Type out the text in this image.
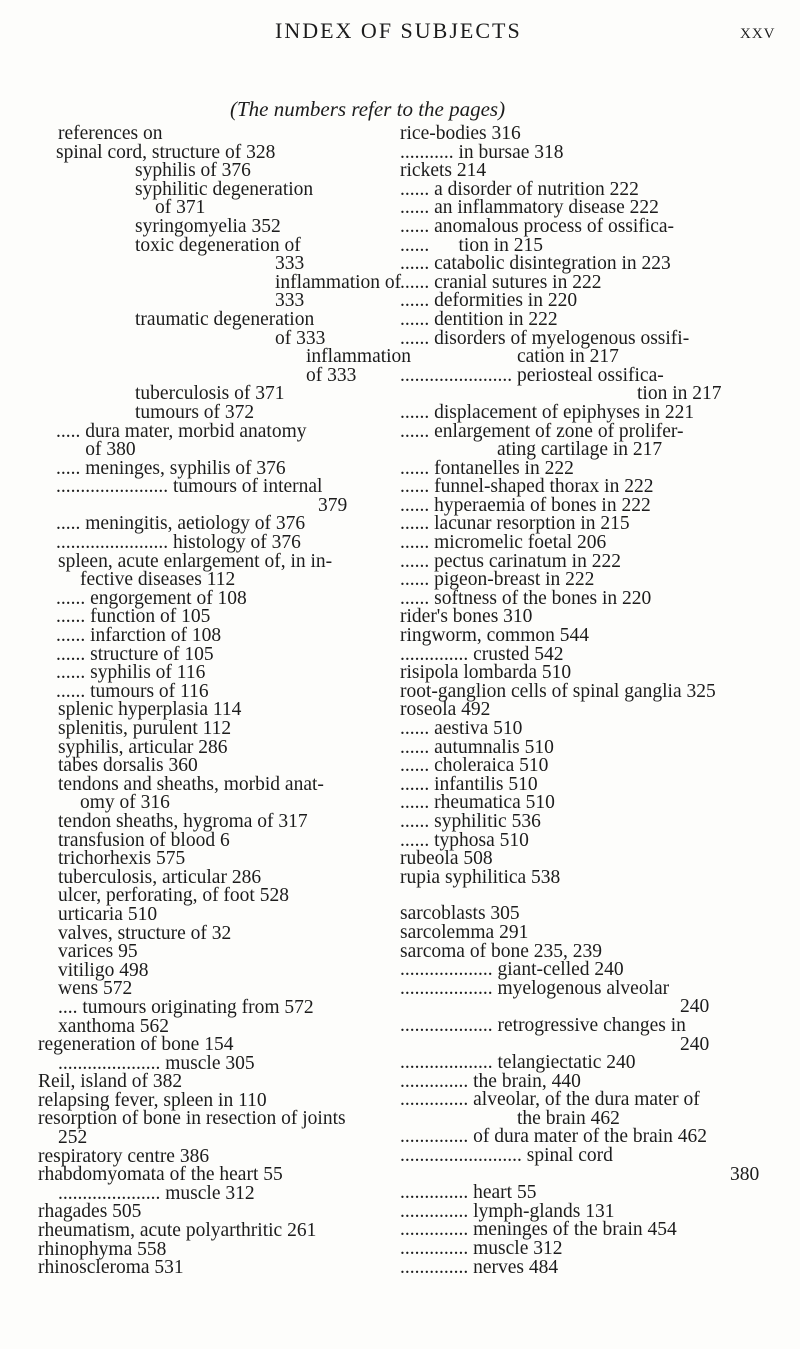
INDEX OF SUBJECTS	xxv
(The numbers refer to the pages)
references on
spinal cord, structure of 328
syphilis of 376
syphilitic degeneration
of 371
syringomyelia 352
toxic degeneration of
333
inflammation of
333
traumatic degeneration
of 333
inflammation
of 333
tuberculosis of 371
tumours of 372
..... dura mater, morbid anatomy
of 380
..... meninges, syphilis of 376
....................... tumours of internal
379
..... meningitis, aetiology of 376
....................... histology of 376
spleen, acute enlargement of, in in-
fective diseases 112
...... engorgement of 108
...... function of 105
...... infarction of 108
...... structure of 105
...... syphilis of 116
...... tumours of 116
splenic hyperplasia 114
splenitis, purulent 112
syphilis, articular 286
tabes dorsalis 360
tendons and sheaths, morbid anat-
omy of 316
tendon sheaths, hygroma of 317
transfusion of blood 6
trichorhexis 575
tuberculosis, articular 286
ulcer, perforating, of foot 528
urticaria 510
valves, structure of 32
varices 95
vitiligo 498
wens 572
.... tumours originating from 572
xanthoma 562
regeneration of bone 154
..................... muscle 305
Reil, island of 382
relapsing fever, spleen in 110
resorption of bone in resection of joints
252
respiratory centre 386
rhabdomyomata of the heart 55
..................... muscle 312
rhagades 505
rheumatism, acute polyarthritic 261
rhinophyma 558
rhinoscleroma 531
rice-bodies 316
........... in bursae 318
rickets 214
...... a disorder of nutrition 222
...... an inflammatory disease 222
...... anomalous process of ossifica-
......      tion in 215
...... catabolic disintegration in 223
...... cranial sutures in 222
...... deformities in 220
...... dentition in 222
...... disorders of myelogenous ossifi-
cation in 217
....................... periosteal ossifica-
tion in 217
...... displacement of epiphyses in 221
...... enlargement of zone of prolifer-
ating cartilage in 217
...... fontanelles in 222
...... funnel-shaped thorax in 222
...... hyperaemia of bones in 222
...... lacunar resorption in 215
...... micromelic foetal 206
...... pectus carinatum in 222
...... pigeon-breast in 222
...... softness of the bones in 220
rider's bones 310
ringworm, common 544
.............. crusted 542
risipola lombarda 510
root-ganglion cells of spinal ganglia 325
roseola 492
...... aestiva 510
...... autumnalis 510
...... choleraica 510
...... infantilis 510
...... rheumatica 510
...... syphilitic 536
...... typhosa 510
rubeola 508
rupia syphilitica 538
sarcoblasts 305
sarcolemma 291
sarcoma of bone 235, 239
................... giant-celled 240
................... myelogenous alveolar
240
................... retrogressive changes in
240
................... telangiectatic 240
.............. the brain, 440
.............. alveolar, of the dura mater of
the brain 462
.............. of dura mater of the brain 462
......................... spinal cord
380
.............. heart 55
.............. lymph-glands 131
.............. meninges of the brain 454
.............. muscle 312
.............. nerves 484
